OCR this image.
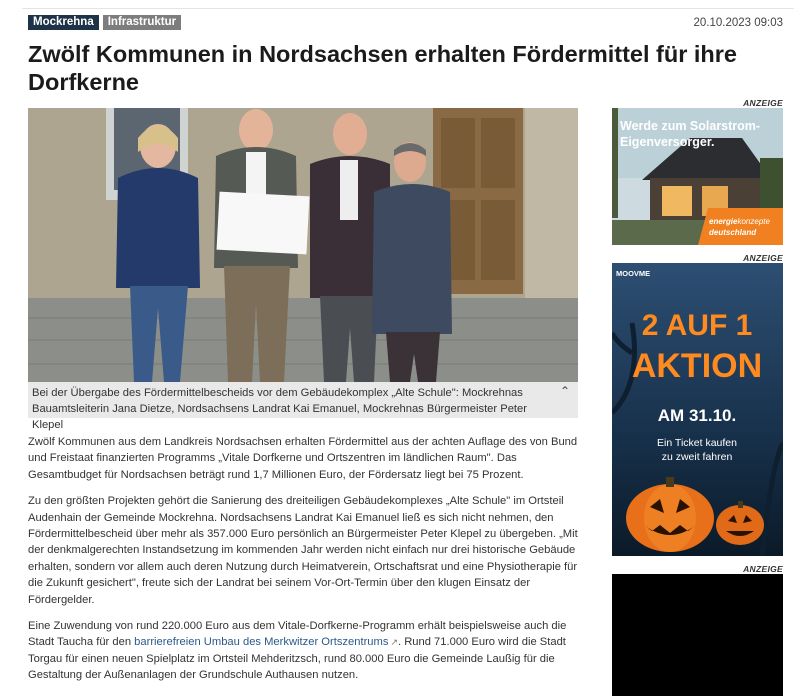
Mockrehna	Infrastruktur	20.10.2023 09:03
Zwölf Kommunen in Nordsachsen erhalten Fördermittel für ihre Dorfkerne
Bei der Übergabe des Fördermittelbescheids vor dem Gebäudekomplex „Alte Schule": Mockrehnas Bauamtsleiterin Jana Dietze, Nordsachsens Landrat Kai Emanuel, Mockrehnas Bürgermeister Peter Klepel
⌃

Zwölf Kommunen aus dem Landkreis Nordsachsen erhalten Fördermittel aus der achten Auflage des von Bund und Freistaat finanzierten Programms „Vitale Dorfkerne und Ortszentren im ländlichen Raum". Das Gesamtbudget für Nordsachsen beträgt rund 1,7 Millionen Euro, der Fördersatz liegt bei 75 Prozent.

Zu den größten Projekten gehört die Sanierung des dreiteiligen Gebäudekomplexes „Alte Schule" im Ortsteil Audenhain der Gemeinde Mockrehna. Nordsachsens Landrat Kai Emanuel ließ es sich nicht nehmen, den Fördermittelbescheid über mehr als 357.000 Euro persönlich an Bürgermeister Peter Klepel zu übergeben. „Mit der denkmalgerechten Instandsetzung im kommenden Jahr werden nicht einfach nur drei historische Gebäude erhalten, sondern vor allem auch deren Nutzung durch Heimatverein, Ortschaftsrat und eine Physiotherapie für die Zukunft gesichert", freute sich der Landrat bei seinem Vor-Ort-Termin über den klugen Einsatz der Fördergelder.

Eine Zuwendung von rund 220.000 Euro aus dem Vitale-Dorfkerne-Programm erhält beispielsweise auch die Stadt Taucha für den barrierefreien Umbau des Merkwitzer Ortszentrums ↗. Rund 71.000 Euro wird die Stadt Torgau für einen neuen Spielplatz im Ortsteil Mehderitzsch, rund 80.000 Euro die Gemeinde Laußig für die Gestaltung der Außenanlagen der Grundschule Authausen nutzen.

ANZEIGE
Werde zum Solarstrom-
Eigenversorger.
energiekonzepte
deutschland
ANZEIGE
MOOVME
2 AUF 1
AKTION
AM 31.10.
Ein Ticket kaufen
zu zweit fahren
ANZEIGE
